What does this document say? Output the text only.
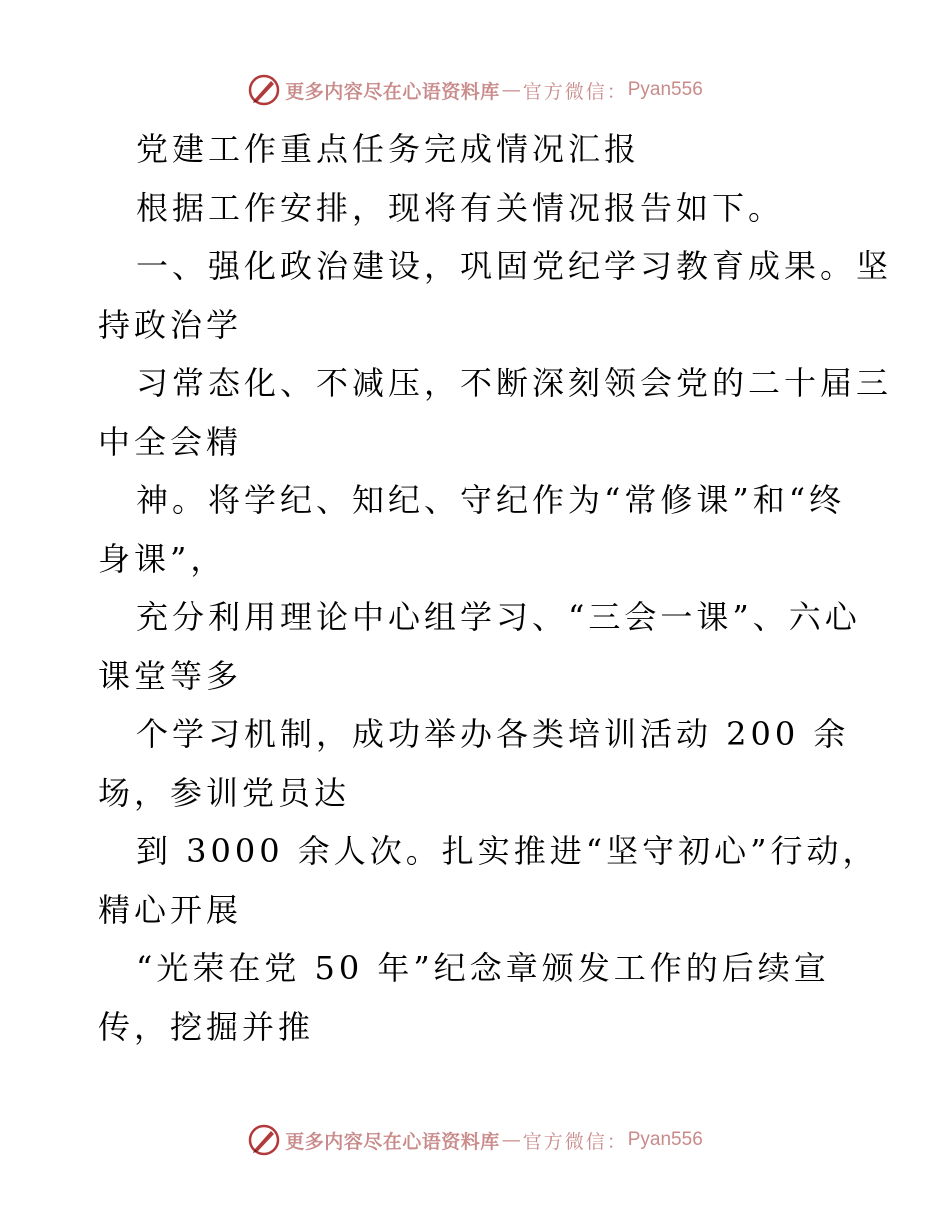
更多内容尽在心语资料库 — 官方微信： Pyan556
党建工作重点任务完成情况汇报
根据工作安排，现将有关情况报告如下。
一、强化政治建设，巩固党纪学习教育成果。坚
持政治学
习常态化、不减压，不断深刻领会党的二十届三
中全会精
神。将学纪、知纪、守纪作为“常修课”和“终
身课”，
充分利用理论中心组学习、“三会一课”、六心
课堂等多
个学习机制，成功举办各类培训活动 200 余
场，参训党员达
到 3000 余人次。扎实推进“坚守初心”行动，
精心开展
“光荣在党 50 年”纪念章颁发工作的后续宣
传，挖掘并推
更多内容尽在心语资料库 — 官方微信： Pyan556
